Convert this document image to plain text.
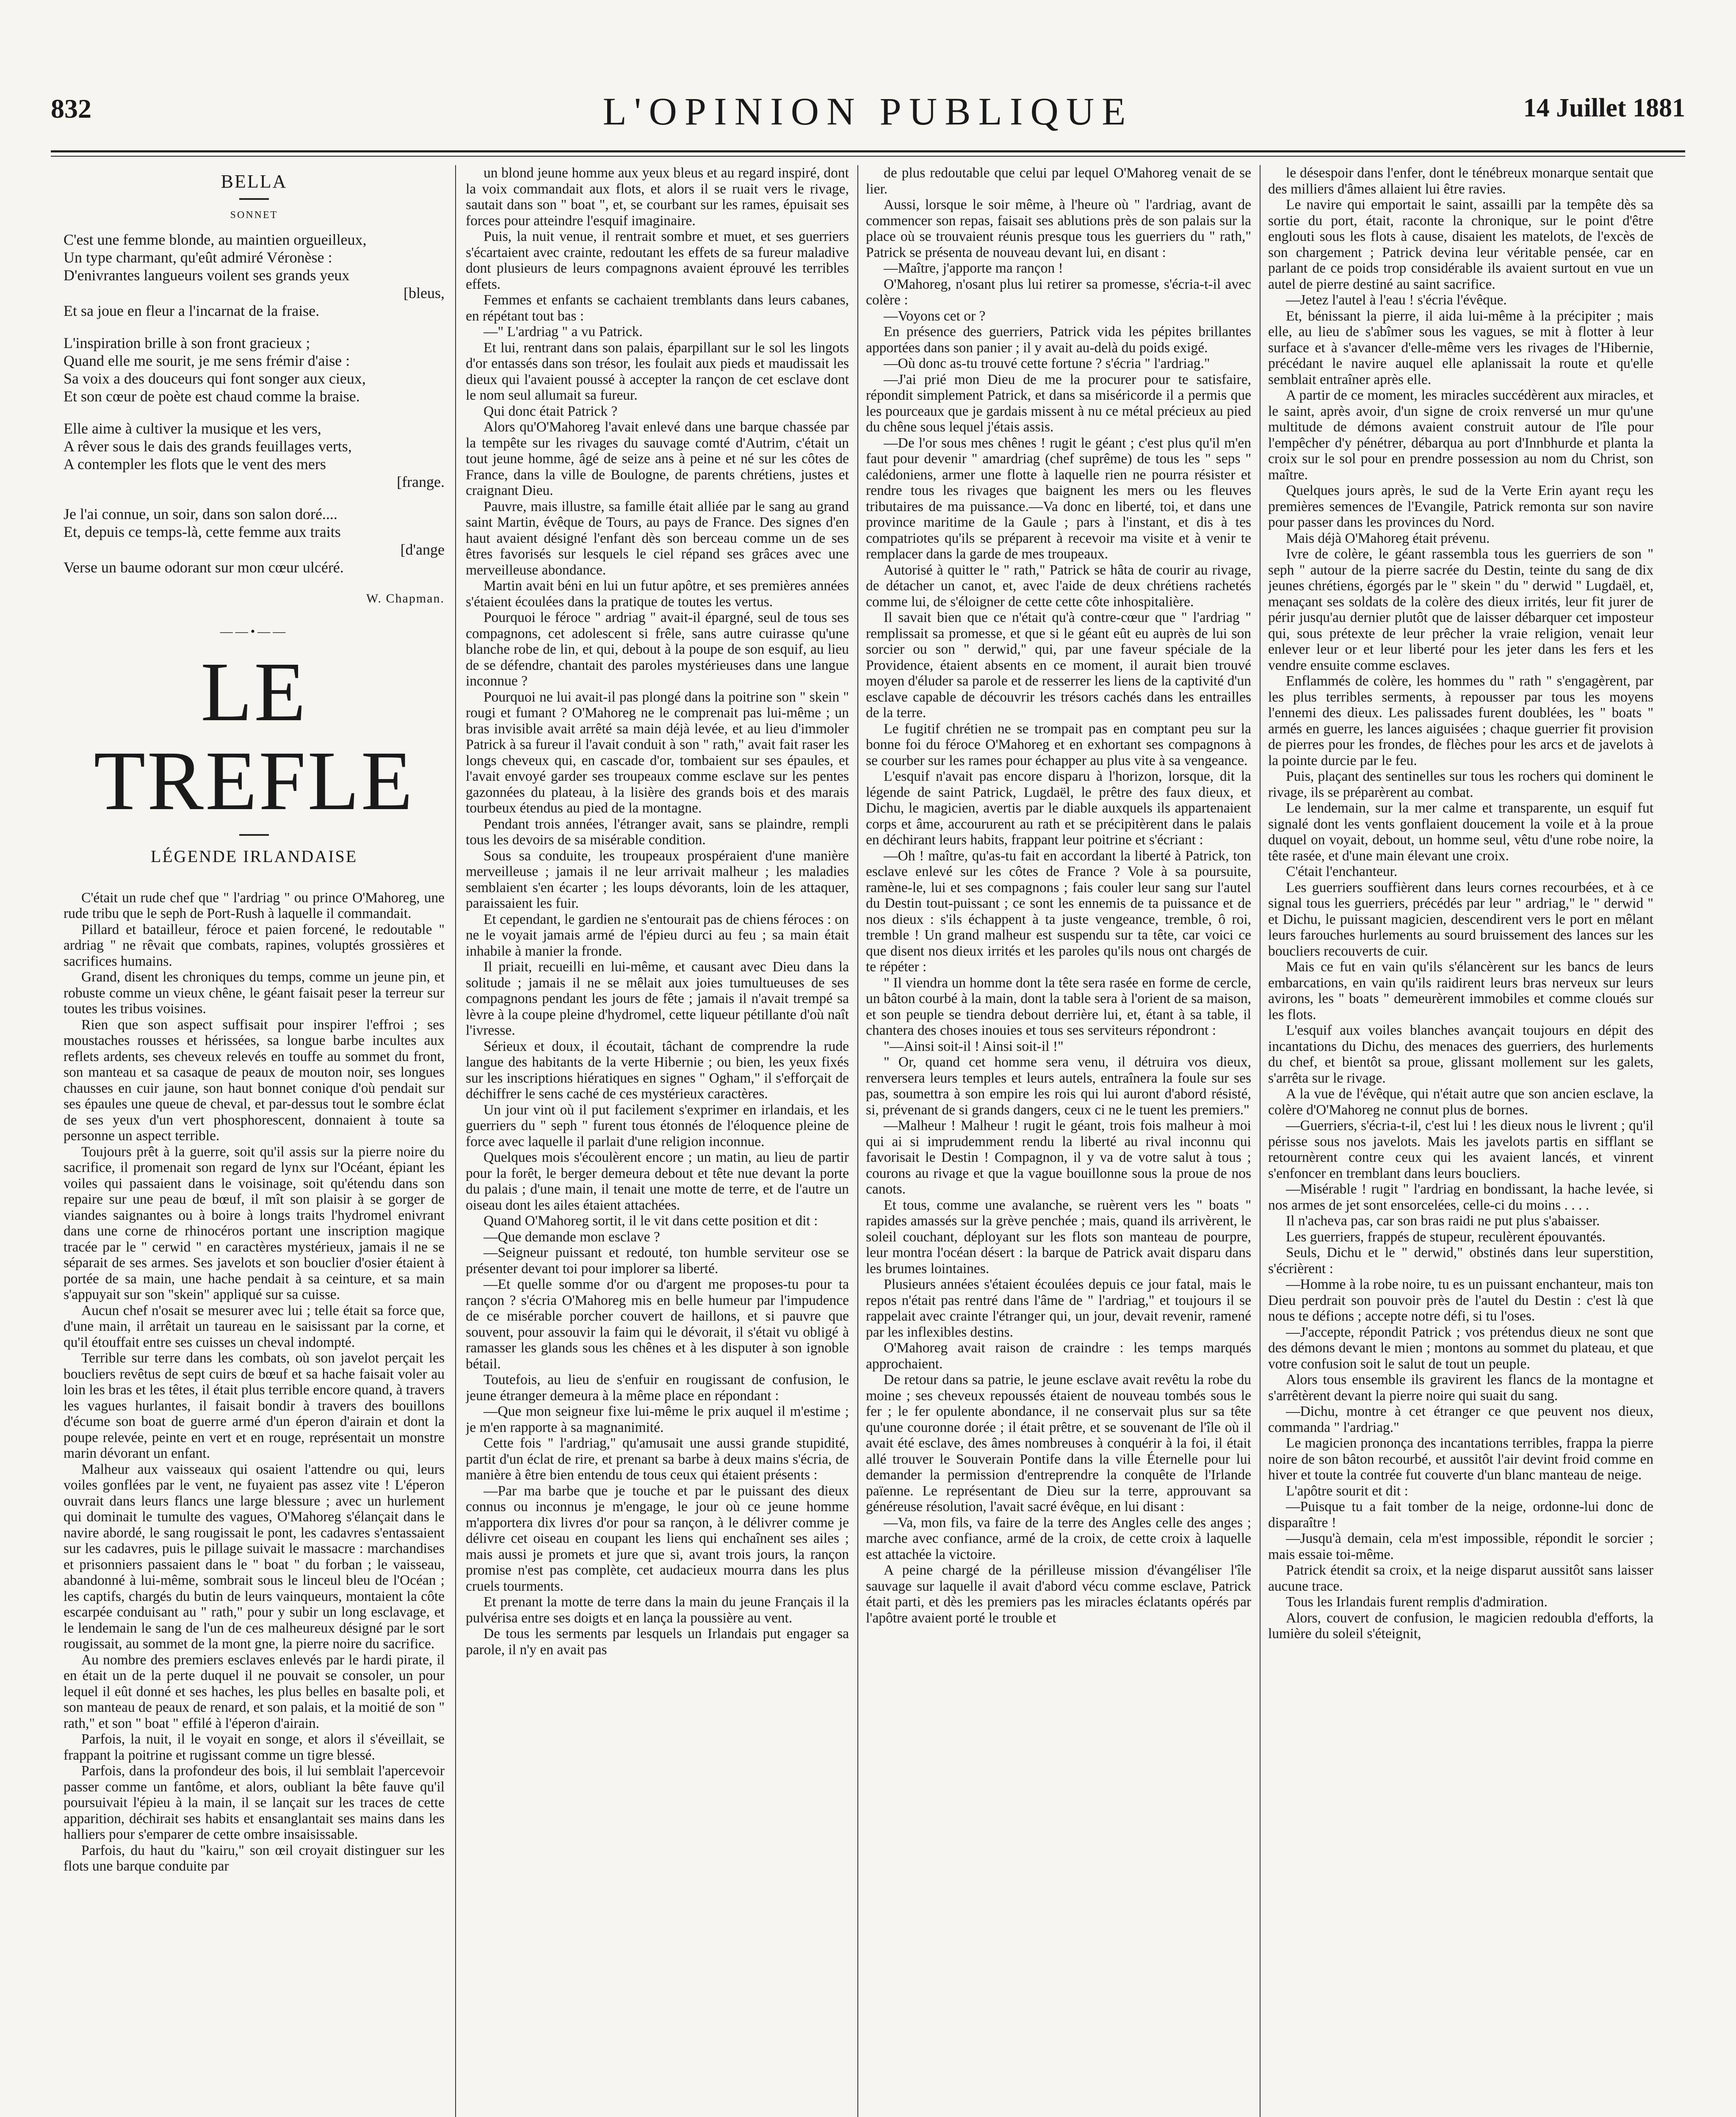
832	L'OPINION PUBLIQUE	14 Juillet 1881
BELLA
SONNET
C'est une femme blonde, au maintien orgueilleux,
Un type charmant, qu'eût admiré Véronèse :
D'enivrantes langueurs voilent ses grands yeux
[bleus,
Et sa joue en fleur a l'incarnat de la fraise.
L'inspiration brille à son front gracieux ;
Quand elle me sourit, je me sens frémir d'aise :
Sa voix a des douceurs qui font songer aux cieux,
Et son cœur de poète est chaud comme la braise.
Elle aime à cultiver la musique et les vers,
A rêver sous le dais des grands feuillages verts,
A contempler les flots que le vent des mers
[frange.
Je l'ai connue, un soir, dans son salon doré....
Et, depuis ce temps-là, cette femme aux traits
[d'ange
Verse un baume odorant sur mon cœur ulcéré.
W. Chapman.
——•——
LE TREFLE
LÉGENDE IRLANDAISE

C'était un rude chef que " l'ardriag " ou prince O'Mahoreg, une rude tribu que le seph de Port-Rush à laquelle il commandait.

Pillard et batailleur, féroce et paien forcené, le redoutable " ardriag " ne rêvait que combats, rapines, voluptés grossières et sacrifices humains.

Grand, disent les chroniques du temps, comme un jeune pin, et robuste comme un vieux chêne, le géant faisait peser la terreur sur toutes les tribus voisines.

Rien que son aspect suffisait pour inspirer l'effroi ; ses moustaches rousses et hérissées, sa longue barbe incultes aux reflets ardents, ses cheveux relevés en touffe au sommet du front, son manteau et sa casaque de peaux de mouton noir, ses longues chausses en cuir jaune, son haut bonnet conique d'où pendait sur ses épaules une queue de cheval, et par-dessus tout le sombre éclat de ses yeux d'un vert phosphorescent, donnaient à toute sa personne un aspect terrible.

Toujours prêt à la guerre, soit qu'il assis sur la pierre noire du sacrifice, il promenait son regard de lynx sur l'Océant, épiant les voiles qui passaient dans le voisinage, soit qu'étendu dans son repaire sur une peau de bœuf, il mît son plaisir à se gorger de viandes saignantes ou à boire à longs traits l'hydromel enivrant dans une corne de rhinocéros portant une inscription magique tracée par le " cerwid " en caractères mystérieux, jamais il ne se séparait de ses armes. Ses javelots et son bouclier d'osier étaient à portée de sa main, une hache pendait à sa ceinture, et sa main s'appuyait sur son "skein" appliqué sur sa cuisse.

Aucun chef n'osait se mesurer avec lui ; telle était sa force que, d'une main, il arrêtait un taureau en le saisissant par la corne, et qu'il étouffait entre ses cuisses un cheval indompté.

Terrible sur terre dans les combats, où son javelot perçait les boucliers revêtus de sept cuirs de bœuf et sa hache faisait voler au loin les bras et les têtes, il était plus terrible encore quand, à travers les vagues hurlantes, il faisait bondir à travers des bouillons d'écume son boat de guerre armé d'un éperon d'airain et dont la poupe relevée, peinte en vert et en rouge, représentait un monstre marin dévorant un enfant.

Malheur aux vaisseaux qui osaient l'attendre ou qui, leurs voiles gonflées par le vent, ne fuyaient pas assez vite ! L'éperon ouvrait dans leurs flancs une large blessure ; avec un hurlement qui dominait le tumulte des vagues, O'Mahoreg s'élançait dans le navire abordé, le sang rougissait le pont, les cadavres s'entassaient sur les cadavres, puis le pillage suivait le massacre : marchandises et prisonniers passaient dans le " boat " du forban ; le vaisseau, abandonné à lui-même, sombrait sous le linceul bleu de l'Océan ; les captifs, chargés du butin de leurs vainqueurs, montaient la côte escarpée conduisant au " rath," pour y subir un long esclavage, et le lendemain le sang de l'un de ces malheureux désigné par le sort rougissait, au sommet de la mont gne, la pierre noire du sacrifice.

Au nombre des premiers esclaves enlevés par le hardi pirate, il en était un de la perte duquel il ne pouvait se consoler, un pour lequel il eût donné et ses haches, les plus belles en basalte poli, et son manteau de peaux de renard, et son palais, et la moitié de son " rath," et son " boat " effilé à l'éperon d'airain.

Parfois, la nuit, il le voyait en songe, et alors il s'éveillait, se frappant la poitrine et rugissant comme un tigre blessé.

Parfois, dans la profondeur des bois, il lui semblait l'apercevoir passer comme un fantôme, et alors, oubliant la bête fauve qu'il poursuivait l'épieu à la main, il se lançait sur les traces de cette apparition, déchirait ses habits et ensanglantait ses mains dans les halliers pour s'emparer de cette ombre insaisissable.

Parfois, du haut du "kairu," son œil croyait distinguer sur les flots une barque conduite par

un blond jeune homme aux yeux bleus et au regard inspiré, dont la voix commandait aux flots, et alors il se ruait vers le rivage, sautait dans son " boat ", et, se courbant sur les rames, épuisait ses forces pour atteindre l'esquif imaginaire.

Puis, la nuit venue, il rentrait sombre et muet, et ses guerriers s'écartaient avec crainte, redoutant les effets de sa fureur maladive dont plusieurs de leurs compagnons avaient éprouvé les terribles effets.

Femmes et enfants se cachaient tremblants dans leurs cabanes, en répétant tout bas :

—" L'ardriag " a vu Patrick.

Et lui, rentrant dans son palais, éparpillant sur le sol les lingots d'or entassés dans son trésor, les foulait aux pieds et maudissait les dieux qui l'avaient poussé à accepter la rançon de cet esclave dont le nom seul allumait sa fureur.

Qui donc était Patrick ?

Alors qu'O'Mahoreg l'avait enlevé dans une barque chassée par la tempête sur les rivages du sauvage comté d'Autrim, c'était un tout jeune homme, âgé de seize ans à peine et né sur les côtes de France, dans la ville de Boulogne, de parents chrétiens, justes et craignant Dieu.

Pauvre, mais illustre, sa famille était alliée par le sang au grand saint Martin, évêque de Tours, au pays de France. Des signes d'en haut avaient désigné l'enfant dès son berceau comme un de ses êtres favorisés sur lesquels le ciel répand ses grâces avec une merveilleuse abondance.

Martin avait béni en lui un futur apôtre, et ses premières années s'étaient écoulées dans la pratique de toutes les vertus.

Pourquoi le féroce " ardriag " avait-il épargné, seul de tous ses compagnons, cet adolescent si frêle, sans autre cuirasse qu'une blanche robe de lin, et qui, debout à la poupe de son esquif, au lieu de se défendre, chantait des paroles mystérieuses dans une langue inconnue ?

Pourquoi ne lui avait-il pas plongé dans la poitrine son " skein " rougi et fumant ? O'Mahoreg ne le comprenait pas lui-même ; un bras invisible avait arrêté sa main déjà levée, et au lieu d'immoler Patrick à sa fureur il l'avait conduit à son " rath," avait fait raser les longs cheveux qui, en cascade d'or, tombaient sur ses épaules, et l'avait envoyé garder ses troupeaux comme esclave sur les pentes gazonnées du plateau, à la lisière des grands bois et des marais tourbeux étendus au pied de la montagne.

Pendant trois années, l'étranger avait, sans se plaindre, rempli tous les devoirs de sa misérable condition.

Sous sa conduite, les troupeaux prospéraient d'une manière merveilleuse ; jamais il ne leur arrivait malheur ; les maladies semblaient s'en écarter ; les loups dévorants, loin de les attaquer, paraissaient les fuir.

Et cependant, le gardien ne s'entourait pas de chiens féroces : on ne le voyait jamais armé de l'épieu durci au feu ; sa main était inhabile à manier la fronde.

Il priait, recueilli en lui-même, et causant avec Dieu dans la solitude ; jamais il ne se mêlait aux joies tumultueuses de ses compagnons pendant les jours de fête ; jamais il n'avait trempé sa lèvre à la coupe pleine d'hydromel, cette liqueur pétillante d'où naît l'ivresse.

Sérieux et doux, il écoutait, tâchant de comprendre la rude langue des habitants de la verte Hibernie ; ou bien, les yeux fixés sur les inscriptions hiératiques en signes " Ogham," il s'efforçait de déchiffrer le sens caché de ces mystérieux caractères.

Un jour vint où il put facilement s'exprimer en irlandais, et les guerriers du " seph " furent tous étonnés de l'éloquence pleine de force avec laquelle il parlait d'une religion inconnue.

Quelques mois s'écoulèrent encore ; un matin, au lieu de partir pour la forêt, le berger demeura debout et tête nue devant la porte du palais ; d'une main, il tenait une motte de terre, et de l'autre un oiseau dont les ailes étaient attachées.

Quand O'Mahoreg sortit, il le vit dans cette position et dit :

—Que demande mon esclave ?

—Seigneur puissant et redouté, ton humble serviteur ose se présenter devant toi pour implorer sa liberté.

—Et quelle somme d'or ou d'argent me proposes-tu pour ta rançon ? s'écria O'Mahoreg mis en belle humeur par l'impudence de ce misérable porcher couvert de haillons, et si pauvre que souvent, pour assouvir la faim qui le dévorait, il s'était vu obligé à ramasser les glands sous les chênes et à les disputer à son ignoble bétail.

Toutefois, au lieu de s'enfuir en rougissant de confusion, le jeune étranger demeura à la même place en répondant :

—Que mon seigneur fixe lui-même le prix auquel il m'estime ; je m'en rapporte à sa magnanimité.

Cette fois " l'ardriag," qu'amusait une aussi grande stupidité, partit d'un éclat de rire, et prenant sa barbe à deux mains s'écria, de manière à être bien entendu de tous ceux qui étaient présents :

—Par ma barbe que je touche et par le puissant des dieux connus ou inconnus je m'engage, le jour où ce jeune homme m'apportera dix livres d'or pour sa rançon, à le délivrer comme je délivre cet oiseau en coupant les liens qui enchaînent ses ailes ; mais aussi je promets et jure que si, avant trois jours, la rançon promise n'est pas complète, cet audacieux mourra dans les plus cruels tourments.

Et prenant la motte de terre dans la main du jeune Français il la pulvérisa entre ses doigts et en lança la poussière au vent.

De tous les serments par lesquels un Irlandais put engager sa parole, il n'y en avait pas

de plus redoutable que celui par lequel O'Mahoreg venait de se lier.

Aussi, lorsque le soir même, à l'heure où " l'ardriag, avant de commencer son repas, faisait ses ablutions près de son palais sur la place où se trouvaient réunis presque tous les guerriers du " rath," Patrick se présenta de nouveau devant lui, en disant :

—Maître, j'apporte ma rançon !

O'Mahoreg, n'osant plus lui retirer sa promesse, s'écria-t-il avec colère :

—Voyons cet or ?

En présence des guerriers, Patrick vida les pépites brillantes apportées dans son panier ; il y avait au-delà du poids exigé.

—Où donc as-tu trouvé cette fortune ? s'écria " l'ardriag."

—J'ai prié mon Dieu de me la procurer pour te satisfaire, répondit simplement Patrick, et dans sa miséricorde il a permis que les pourceaux que je gardais missent à nu ce métal précieux au pied du chêne sous lequel j'étais assis.

—De l'or sous mes chênes ! rugit le géant ; c'est plus qu'il m'en faut pour devenir " amardriag (chef suprême) de tous les " seps " calédoniens, armer une flotte à laquelle rien ne pourra résister et rendre tous les rivages que baignent les mers ou les fleuves tributaires de ma puissance.—Va donc en liberté, toi, et dans une province maritime de la Gaule ; pars à l'instant, et dis à tes compatriotes qu'ils se préparent à recevoir ma visite et à venir te remplacer dans la garde de mes troupeaux.

Autorisé à quitter le " rath," Patrick se hâta de courir au rivage, de détacher un canot, et, avec l'aide de deux chrétiens rachetés comme lui, de s'éloigner de cette cette côte inhospitalière.

Il savait bien que ce n'était qu'à contre-cœur que " l'ardriag " remplissait sa promesse, et que si le géant eût eu auprès de lui son sorcier ou son " derwid," qui, par une faveur spéciale de la Providence, étaient absents en ce moment, il aurait bien trouvé moyen d'éluder sa parole et de resserrer les liens de la captivité d'un esclave capable de découvrir les trésors cachés dans les entrailles de la terre.

Le fugitif chrétien ne se trompait pas en comptant peu sur la bonne foi du féroce O'Mahoreg et en exhortant ses compagnons à se courber sur les rames pour échapper au plus vite à sa vengeance.

L'esquif n'avait pas encore disparu à l'horizon, lorsque, dit la légende de saint Patrick, Lugdaël, le prêtre des faux dieux, et Dichu, le magicien, avertis par le diable auxquels ils appartenaient corps et âme, accoururent au rath et se précipitèrent dans le palais en déchirant leurs habits, frappant leur poitrine et s'écriant :

—Oh ! maître, qu'as-tu fait en accordant la liberté à Patrick, ton esclave enlevé sur les côtes de France ? Vole à sa poursuite, ramène-le, lui et ses compagnons ; fais couler leur sang sur l'autel du Destin tout-puissant ; ce sont les ennemis de ta puissance et de nos dieux : s'ils échappent à ta juste vengeance, tremble, ô roi, tremble ! Un grand malheur est suspendu sur ta tête, car voici ce que disent nos dieux irrités et les paroles qu'ils nous ont chargés de te répéter :

" Il viendra un homme dont la tête sera rasée en forme de cercle, un bâton courbé à la main, dont la table sera à l'orient de sa maison, et son peuple se tiendra debout derrière lui, et, étant à sa table, il chantera des choses inouies et tous ses serviteurs répondront :

"—Ainsi soit-il ! Ainsi soit-il !"

" Or, quand cet homme sera venu, il détruira vos dieux, renversera leurs temples et leurs autels, entraînera la foule sur ses pas, soumettra à son empire les rois qui lui auront d'abord résisté, si, prévenant de si grands dangers, ceux ci ne le tuent les premiers."

—Malheur ! Malheur ! rugit le géant, trois fois malheur à moi qui ai si imprudemment rendu la liberté au rival inconnu qui favorisait le Destin ! Compagnon, il y va de votre salut à tous ; courons au rivage et que la vague bouillonne sous la proue de nos canots.

Et tous, comme une avalanche, se ruèrent vers les " boats " rapides amassés sur la grève penchée ; mais, quand ils arrivèrent, le soleil couchant, déployant sur les flots son manteau de pourpre, leur montra l'océan désert : la barque de Patrick avait disparu dans les brumes lointaines.

Plusieurs années s'étaient écoulées depuis ce jour fatal, mais le repos n'était pas rentré dans l'âme de " l'ardriag," et toujours il se rappelait avec crainte l'étranger qui, un jour, devait revenir, ramené par les inflexibles destins.

O'Mahoreg avait raison de craindre : les temps marqués approchaient.

De retour dans sa patrie, le jeune esclave avait revêtu la robe du moine ; ses cheveux repoussés étaient de nouveau tombés sous le fer ; le fer opulente abondance, il ne conservait plus sur sa tête qu'une couronne dorée ; il était prêtre, et se souvenant de l'île où il avait été esclave, des âmes nombreuses à conquérir à la foi, il était allé trouver le Souverain Pontife dans la ville Éternelle pour lui demander la permission d'entreprendre la conquête de l'Irlande païenne. Le représentant de Dieu sur la terre, approuvant sa généreuse résolution, l'avait sacré évêque, en lui disant :

—Va, mon fils, va faire de la terre des Angles celle des anges ; marche avec confiance, armé de la croix, de cette croix à laquelle est attachée la victoire.

A peine chargé de la périlleuse mission d'évangéliser l'île sauvage sur laquelle il avait d'abord vécu comme esclave, Patrick était parti, et dès les premiers pas les miracles éclatants opérés par l'apôtre avaient porté le trouble et

le désespoir dans l'enfer, dont le ténébreux monarque sentait que des milliers d'âmes allaient lui être ravies.

Le navire qui emportait le saint, assailli par la tempête dès sa sortie du port, était, raconte la chronique, sur le point d'être englouti sous les flots à cause, disaient les matelots, de l'excès de son chargement ; Patrick devina leur véritable pensée, car en parlant de ce poids trop considérable ils avaient surtout en vue un autel de pierre destiné au saint sacrifice.

—Jetez l'autel à l'eau ! s'écria l'évêque.

Et, bénissant la pierre, il aida lui-même à la précipiter ; mais elle, au lieu de s'abîmer sous les vagues, se mit à flotter à leur surface et à s'avancer d'elle-même vers les rivages de l'Hibernie, précédant le navire auquel elle aplanissait la route et qu'elle semblait entraîner après elle.

A partir de ce moment, les miracles succédèrent aux miracles, et le saint, après avoir, d'un signe de croix renversé un mur qu'une multitude de démons avaient construit autour de l'île pour l'empêcher d'y pénétrer, débarqua au port d'Innbhurde et planta la croix sur le sol pour en prendre possession au nom du Christ, son maître.

Quelques jours après, le sud de la Verte Erin ayant reçu les premières semences de l'Evangile, Patrick remonta sur son navire pour passer dans les provinces du Nord.

Mais déjà O'Mahoreg était prévenu.

Ivre de colère, le géant rassembla tous les guerriers de son " seph " autour de la pierre sacrée du Destin, teinte du sang de dix jeunes chrétiens, égorgés par le " skein " du " derwid " Lugdaël, et, menaçant ses soldats de la colère des dieux irrités, leur fit jurer de périr jusqu'au dernier plutôt que de laisser débarquer cet imposteur qui, sous prétexte de leur prêcher la vraie religion, venait leur enlever leur or et leur liberté pour les jeter dans les fers et les vendre ensuite comme esclaves.

Enflammés de colère, les hommes du " rath " s'engagèrent, par les plus terribles serments, à repousser par tous les moyens l'ennemi des dieux. Les palissades furent doublées, les " boats " armés en guerre, les lances aiguisées ; chaque guerrier fit provision de pierres pour les frondes, de flèches pour les arcs et de javelots à la pointe durcie par le feu.

Puis, plaçant des sentinelles sur tous les rochers qui dominent le rivage, ils se préparèrent au combat.

Le lendemain, sur la mer calme et transparente, un esquif fut signalé dont les vents gonflaient doucement la voile et à la proue duquel on voyait, debout, un homme seul, vêtu d'une robe noire, la tête rasée, et d'une main élevant une croix.

C'était l'enchanteur.

Les guerriers souffièrent dans leurs cornes recourbées, et à ce signal tous les guerriers, précédés par leur " ardriag," le " derwid " et Dichu, le puissant magicien, descendirent vers le port en mêlant leurs farouches hurlements au sourd bruissement des lances sur les boucliers recouverts de cuir.

Mais ce fut en vain qu'ils s'élancèrent sur les bancs de leurs embarcations, en vain qu'ils raidirent leurs bras nerveux sur leurs avirons, les " boats " demeurèrent immobiles et comme cloués sur les flots.

L'esquif aux voiles blanches avançait toujours en dépit des incantations du Dichu, des menaces des guerriers, des hurlements du chef, et bientôt sa proue, glissant mollement sur les galets, s'arrêta sur le rivage.

A la vue de l'évêque, qui n'était autre que son ancien esclave, la colère d'O'Mahoreg ne connut plus de bornes.

—Guerriers, s'écria-t-il, c'est lui ! les dieux nous le livrent ; qu'il périsse sous nos javelots. Mais les javelots partis en sifflant se retournèrent contre ceux qui les avaient lancés, et vinrent s'enfoncer en tremblant dans leurs boucliers.

—Misérable ! rugit " l'ardriag en bondissant, la hache levée, si nos armes de jet sont ensorcelées, celle-ci du moins . . . .

Il n'acheva pas, car son bras raidi ne put plus s'abaisser.

Les guerriers, frappés de stupeur, reculèrent épouvantés.

Seuls, Dichu et le " derwid," obstinés dans leur superstition, s'écrièrent :

—Homme à la robe noire, tu es un puissant enchanteur, mais ton Dieu perdrait son pouvoir près de l'autel du Destin : c'est là que nous te défions ; accepte notre défi, si tu l'oses.

—J'accepte, répondit Patrick ; vos prétendus dieux ne sont que des démons devant le mien ; montons au sommet du plateau, et que votre confusion soit le salut de tout un peuple.

Alors tous ensemble ils gravirent les flancs de la montagne et s'arrêtèrent devant la pierre noire qui suait du sang.

—Dichu, montre à cet étranger ce que peuvent nos dieux, commanda " l'ardriag."

Le magicien prononça des incantations terribles, frappa la pierre noire de son bâton recourbé, et aussitôt l'air devint froid comme en hiver et toute la contrée fut couverte d'un blanc manteau de neige.

L'apôtre sourit et dit :

—Puisque tu a fait tomber de la neige, ordonne-lui donc de disparaître !

—Jusqu'à demain, cela m'est impossible, répondit le sorcier ; mais essaie toi-même.

Patrick étendit sa croix, et la neige disparut aussitôt sans laisser aucune trace.

Tous les Irlandais furent remplis d'admiration.

Alors, couvert de confusion, le magicien redoubla d'efforts, la lumière du soleil s'éteignit,
